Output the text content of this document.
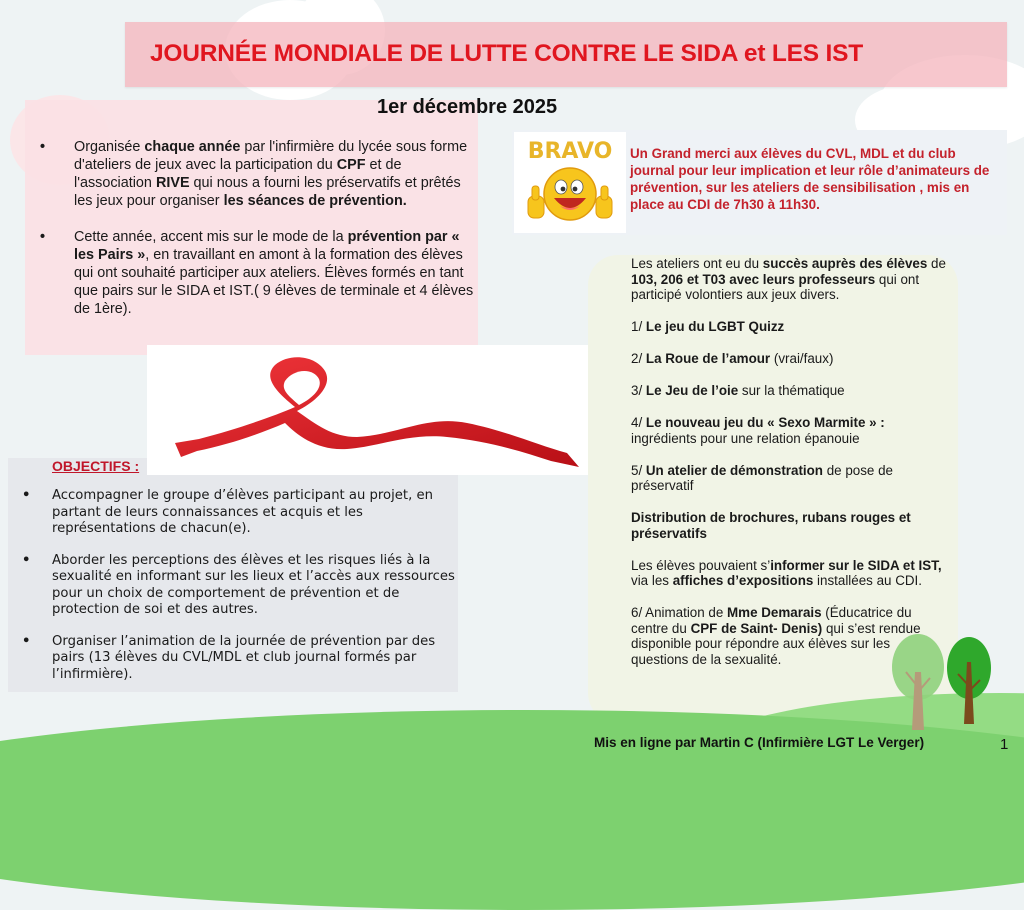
JOURNÉE MONDIALE DE LUTTE CONTRE LE SIDA et LES IST
1er décembre 2025
• Organisée chaque année par l'infirmière du lycée sous forme d'ateliers de jeux avec la participation du CPF et de l'association RIVE qui nous a fourni les préservatifs et prêtés les jeux pour organiser les séances de prévention.
• Cette année, accent mis sur le mode de la prévention par « les Pairs », en travaillant en amont à la formation des élèves qui ont souhaité participer aux ateliers. Élèves formés en tant que pairs sur le SIDA et IST.( 9 élèves de terminale et 4 élèves de 1ère).
OBJECTIFS :
• Accompagner le groupe d’élèves participant au projet, en partant de leurs connaissances et acquis et les représentations de chacun(e).
• Aborder les perceptions des élèves et les risques liés à la sexualité en informant sur les lieux et l’accès aux ressources pour un choix de comportement de prévention et de protection de soi et des autres.
• Organiser l’animation de la journée de prévention par des pairs (13 élèves du CVL/MDL et club journal formés par l’infirmière).
BRAVO Un Grand merci aux élèves du CVL, MDL et du club journal pour leur implication et leur rôle d’animateurs de prévention, sur les ateliers de sensibilisation , mis en place au CDI de 7h30 à 11h30.

Les ateliers ont eu du succès auprès des élèves de 103, 206 et T03 avec leurs professeurs qui ont participé volontiers aux jeux divers.

1/ Le jeu du LGBT Quizz

2/ La Roue de l’amour (vrai/faux)

3/ Le Jeu de l’oie sur la thématique

4/ Le nouveau jeu du « Sexo Marmite » : ingrédients pour une relation épanouie

5/ Un atelier de démonstration de pose de préservatif

Distribution de brochures, rubans rouges et préservatifs

Les élèves pouvaient s’informer sur le SIDA et IST, via les affiches d’expositions installées au CDI.

6/ Animation de Mme Demarais (Éducatrice du centre du CPF de Saint- Denis) qui s’est rendue disponible pour répondre aux élèves sur les questions de la sexualité.

Mis en ligne par Martin C (Infirmière LGT Le Verger)	1
